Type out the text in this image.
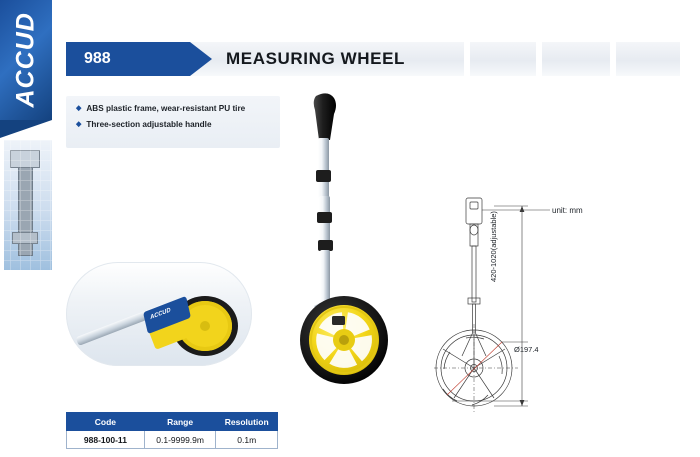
ACCUD	988	MEASURING WHEEL
◆ ABS plastic frame, wear-resistant PU tire
◆ Three-section adjustable handle
ACCUD
Code	Range	Resolution
988-100-11	0.1-9999.9m	0.1m
unit: mm
420-1020(adjustable)
Ø197.4
